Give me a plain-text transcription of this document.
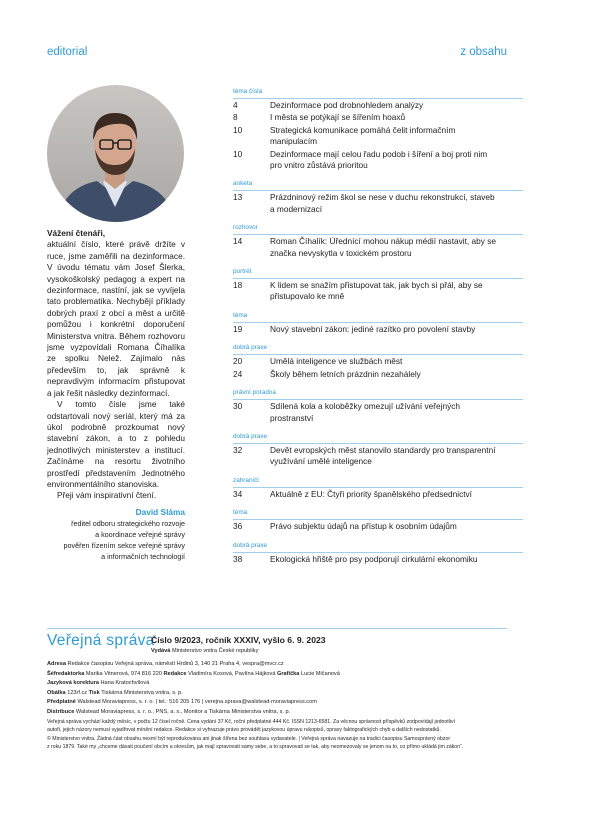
editorial	z obsahu
Vážení čtenáři,

aktuální číslo, které právě držíte v ruce, jsme zaměřili na dezinformace. V úvodu tématu vám Josef Šlerka, vysokoškolský pedagog a expert na dezinformace, nastíní, jak se vyvíjela tato problematika. Nechybějí příklady dobrých praxí z obcí a měst a určitě pomůžou i konkrétní doporučení Ministerstva vnitra. Během rozhovoru jsme vyzpovídali Romana Číhalíka ze spolku Nelež. Zajímalo nás především to, jak správně k nepravdivým informacím přistupovat a jak řešit následky dezinformací.

V tomto čísle jsme také odstartovali nový seriál, který má za úkol podrobně prozkoumat nový stavební zákon, a to z pohledu jednotlivých ministerstev a institucí. Začínáme na resortu životního prostředí představením Jednotného environmentálního stanoviska.

Přeji vám inspirativní čtení.

David Sláma
ředitel odboru strategického rozvoje
a koordinace veřejné správy
pověřen řízením sekce veřejné správy
a informačních technologií
téma čísla
4	Dezinformace pod drobnohledem analýzy
8	I města se potýkají se šířením hoaxů
10	Strategická komunikace pomáhá čelit informačním
manipulacím
10	Dezinformace mají celou řadu podob i šíření a boj proti nim
pro vnitro zůstává prioritou
anketa
13	Prázdninový režim škol se nese v duchu rekonstrukcí, staveb
a modernizací
rozhovor
14	Roman Číhalík: Úřednící mohou nákup médií nastavit, aby se
značka nevyskytla v toxickém prostoru
portrét
18	K lidem se snažím přistupovat tak, jak bych si přál, aby se
přistupovalo ke mně
téma
19	Nový stavební zákon: jediné razítko pro povolení stavby
dobrá praxe
20	Umělá inteligence ve službách měst
24	Školy během letních prázdnin nezahálely
právní poradna
30	Sdílená kola a koloběžky omezují užívání veřejných
prostranství
dobrá praxe
32	Devět evropských měst stanovilo standardy pro transparentní
využívání umělé inteligence
zahraničí
34	Aktuálně z EU: Čtyři priority španělského předsednictví
téma
36	Právo subjektu údajů na přístup k osobním údajům
dobrá praxe
38	Ekologická hřiště pro psy podporují cirkulární ekonomiku
Veřejná správa
Číslo 9/2023, ročník XXXIV, vyšlo 6. 9. 2023
Vydává Ministerstvo vnitra České republiky
Adresa Redakce časopisu Veřejná správa, náměstí Hrdinů 3, 140 21 Praha 4, vespra@mvcr.cz
Šéfredaktorka Marika Vitnerová, 974 816 220 Redakce Vladimíra Kosová, Pavlína Hájková Grafička Lucie Mičanová
Jazyková korektura Hana Kratochvílová
Obálka 123rf.cz Tisk Tiskárna Ministerstva vnitra, s. p.
Předplatné Walstead Moraviapress, s. r. o. | tel.: 516 205 176 | verejna.sprava@walstead-moraviapress.com
Distribuce Walstead Moraviapress, s. r. o., PNS, a. s., Monitor a Tiskárna Ministerstva vnitra, s. p.
Veřejná správa vychází každý měsíc, v počtu 12 čísel ročně. Cena vydání 37 Kč, roční předplatné 444 Kč. ISSN 1213-6581. Za věcnou správnost příspěvků zodpovídají jednotliví
autoři, jejich názory nemusí vyjadřovat mínění redakce. Redakce si vyhrazuje právo provádět jazykovou úpravu rukopisů, opravy faktografických chyb a dalších nedostatků.
© Ministerstvo vnitra. Žádná část obsahu nesmí být reprodukována ani jinak šířena bez souhlasu vydavatele. | Veřejná správa navazuje na tradici časopisu Samosprávný obzor
z roku 1879. Také my „chceme dávati poučení obcím a okresům, jak mají spravovati samy sebe, a to spravovati se tak, aby neomezovaly se jenom na to, co přímo ukládá jim zákon“.
